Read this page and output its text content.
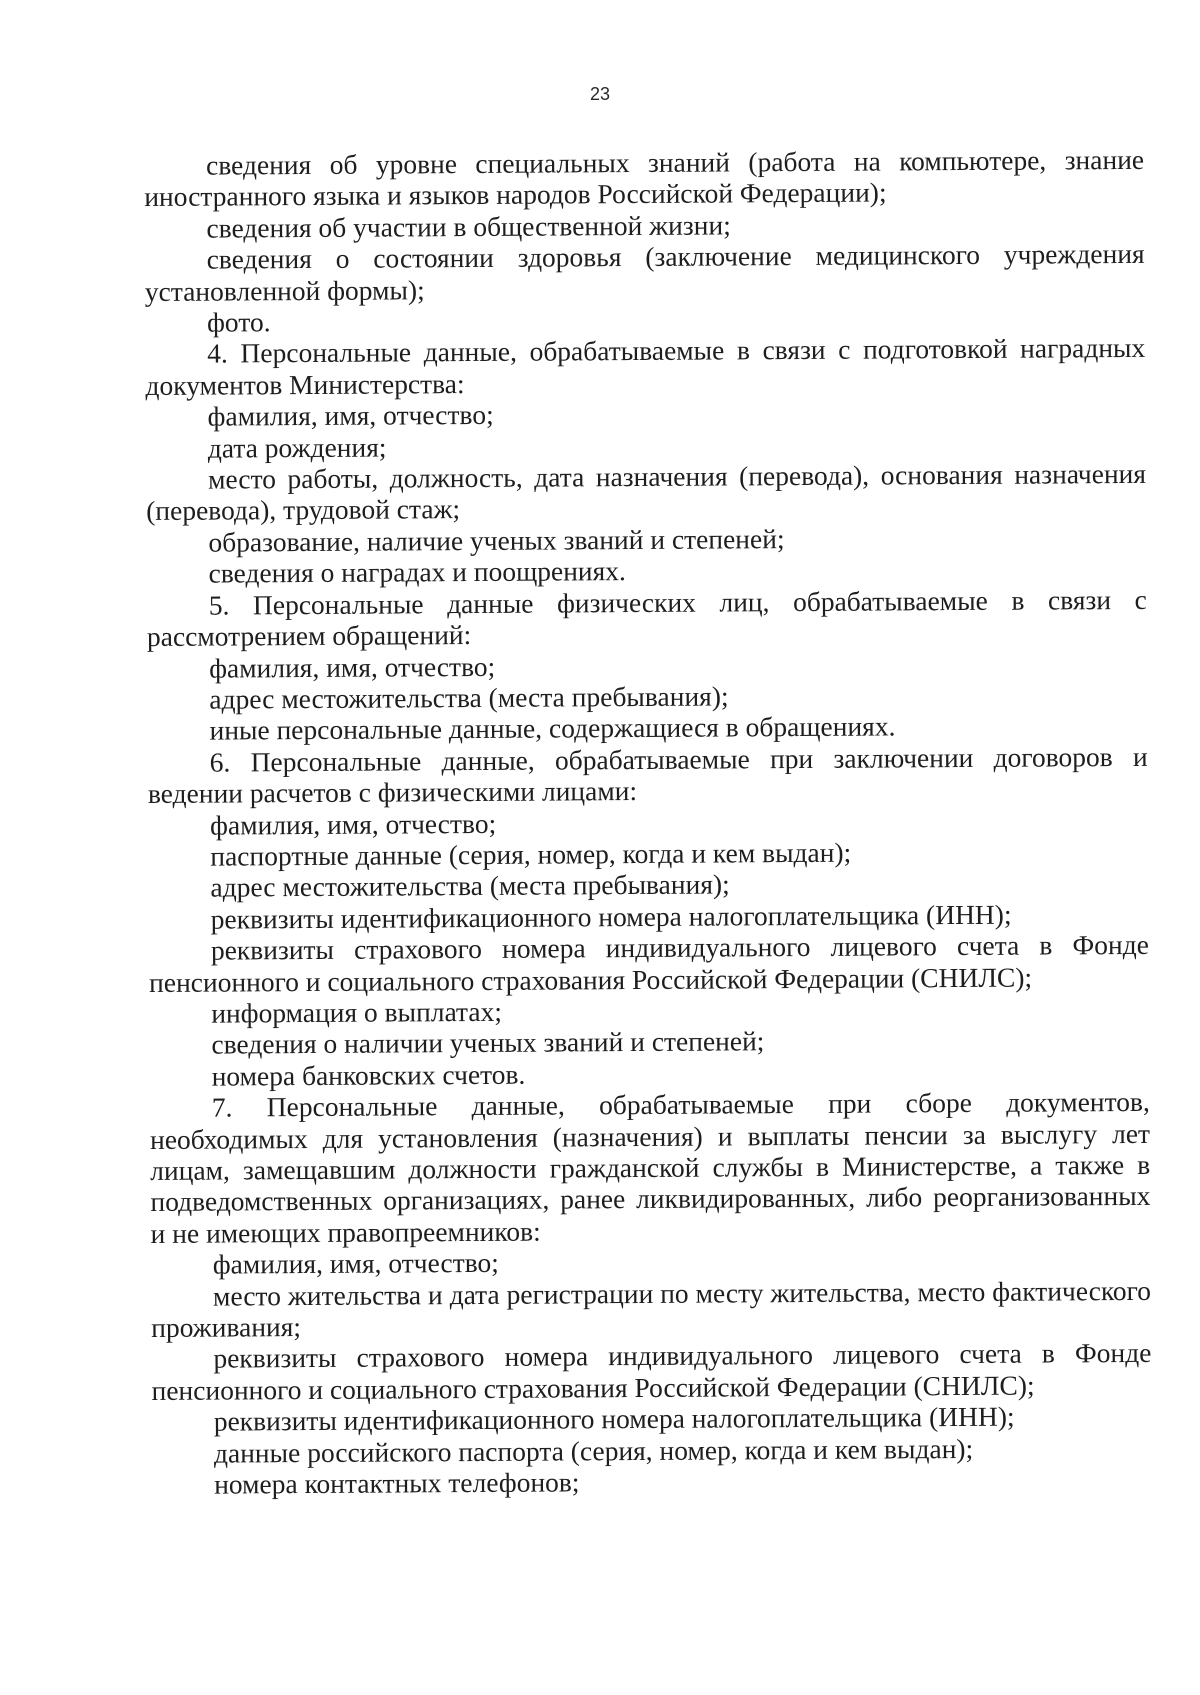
23

сведения об уровне специальных знаний (работа на компьютере, знание иностранного языка и языков народов Российской Федерации);

сведения об участии в общественной жизни;

сведения о состоянии здоровья (заключение медицинского учреждения установленной формы);

фото.

4. Персональные данные, обрабатываемые в связи с подготовкой наградных документов Министерства:

фамилия, имя, отчество;

дата рождения;

место работы, должность, дата назначения (перевода), основания назначения (перевода), трудовой стаж;

образование, наличие ученых званий и степеней;

сведения о наградах и поощрениях.

5. Персональные данные физических лиц, обрабатываемые в связи с рассмотрением обращений:

фамилия, имя, отчество;

адрес местожительства (места пребывания);

иные персональные данные, содержащиеся в обращениях.

6. Персональные данные, обрабатываемые при заключении договоров и ведении расчетов с физическими лицами:

фамилия, имя, отчество;

паспортные данные (серия, номер, когда и кем выдан);

адрес местожительства (места пребывания);

реквизиты идентификационного номера налогоплательщика (ИНН);

реквизиты страхового номера индивидуального лицевого счета в Фонде пенсионного и социального страхования Российской Федерации (СНИЛС);

информация о выплатах;

сведения о наличии ученых званий и степеней;

номера банковских счетов.

7. Персональные данные, обрабатываемые при сборе документов, необходимых для установления (назначения) и выплаты пенсии за выслугу лет лицам, замещавшим должности гражданской службы в Министерстве, а также в подведомственных организациях, ранее ликвидированных, либо реорганизованных и не имеющих правопреемников:

фамилия, имя, отчество;

место жительства и дата регистрации по месту жительства, место фактического проживания;

реквизиты страхового номера индивидуального лицевого счета в Фонде пенсионного и социального страхования Российской Федерации (СНИЛС);

реквизиты идентификационного номера налогоплательщика (ИНН);

данные российского паспорта (серия, номер, когда и кем выдан);

номера контактных телефонов;
